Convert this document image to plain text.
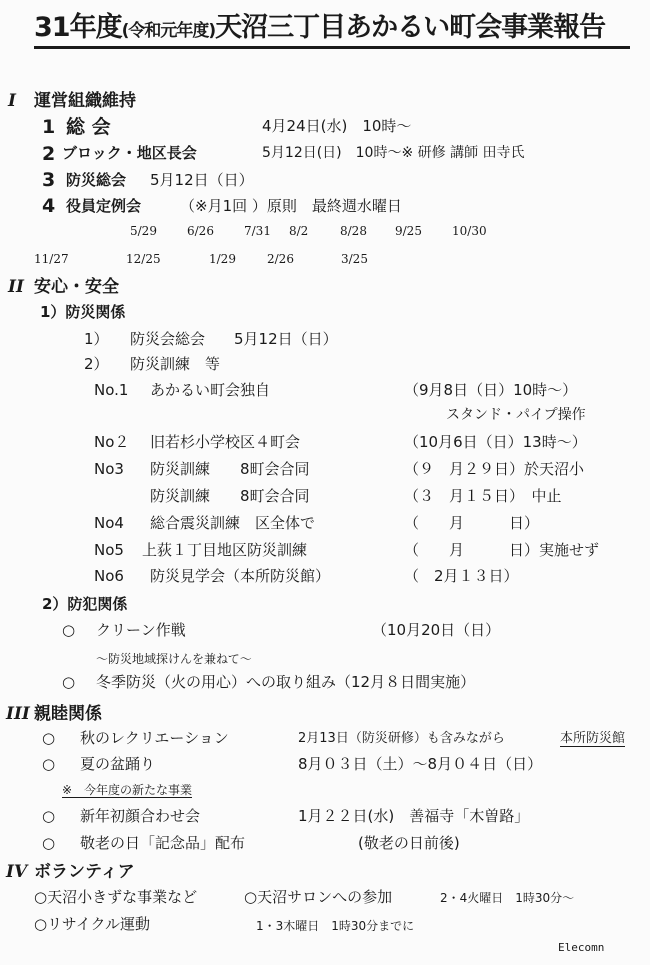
31年度(令和元年度)天沼三丁目あかるい町会事業報告
I 運営組織維持
1 総 会	4月24日(水)　10時～
2 ブロック・地区長会	5月12日(日)　10時～※ 研修 講師 田寺氏
3 防災総会 5月12日（日）
4 役員定例会	（※月1回 ）原則　最終週水曜日
5/29	6/26	7/31 8/2	8/28 9/25	10/30
11/27	12/25	1/29	2/26	3/25
II 安心・安全
1）防災関係
1） 防災会総会 5月12日（日）
2） 防災訓練　等
No.1 あかるい町会独自	（9月8日（日）10時～）
スタンド・パイプ操作
No２ 旧若杉小学校区４町会	（10月6日（日）13時～）
No3 防災訓練　　8町会合同	（９　月２９日）於天沼小
防災訓練　　8町会合同	（３　月１５日）　中止
No4 総合震災訓練　区全体で	（　　月　　　日）
No5 上荻１丁目地区防災訓練	（　　月　　　日）実施せず
No6 防災見学会（本所防災館）	（　2月１３日）
2）防犯関係
○ クリーン作戦	（10月20日（日）
～防災地域探けんを兼ねて～
○ 冬季防災（火の用心）への取り組み（12月８日間実施）
III 親睦関係
○ 秋のレクリエーション	2月13日（防災研修）も含みながら	本所防災館
○ 夏の盆踊り	8月０３日（土）～8月０４日（日）
※　今年度の新たな事業
○ 新年初顔合わせ会	1月２２日(水)　善福寺「木曽路」
○ 敬老の日「記念品」配布	(敬老の日前後)
IV ボランティア
○天沼小きずな事業など	○天沼サロンへの参加	2・4火曜日　1時30分～
○リサイクル運動	1・3木曜日　1時30分までに
Elecomn
